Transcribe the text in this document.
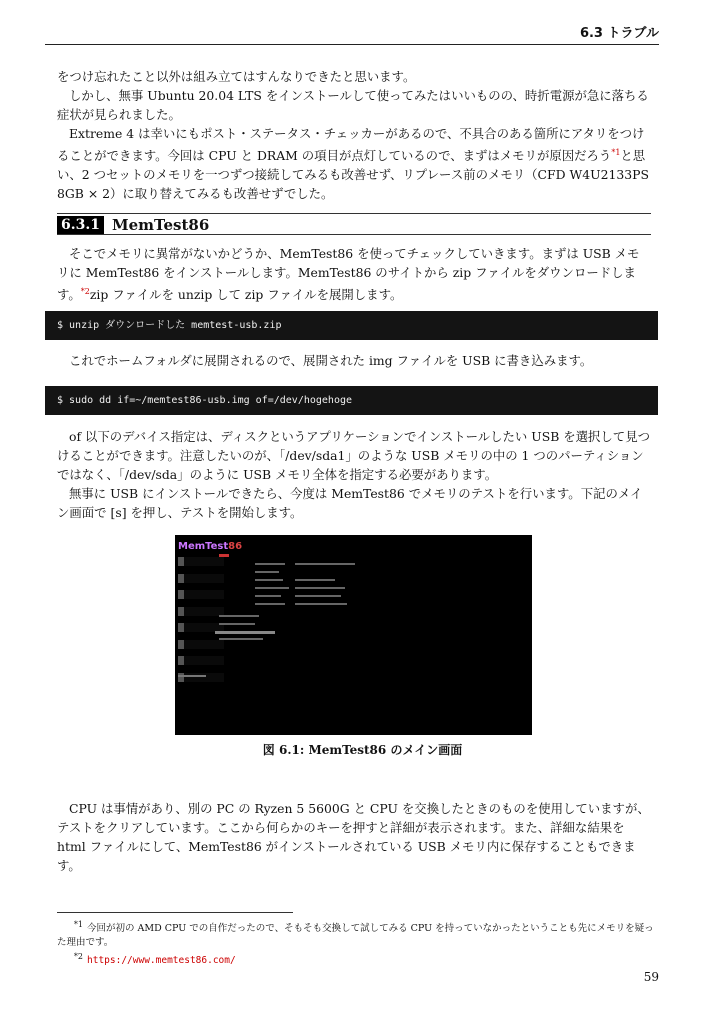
6.3 トラブル

をつけ忘れたこと以外は組み立てはすんなりできたと思います。
しかし、無事 Ubuntu 20.04 LTS をインストールして使ってみたはいいものの、時折電源が急に落ちる症状が見られました。
Extreme 4 は幸いにもポスト・ステータス・チェッカーがあるので、不具合のある箇所にアタリをつけることができます。今回は CPU と DRAM の項目が点灯しているので、まずはメモリが原因だろう$^{*1}$と思い、2 つセットのメモリを一つずつ接続してみるも改善せず、リプレース前のメモリ（CFD W4U2133PS 8GB × 2）に取り替えてみるも改善せずでした。

6.3.1 MemTest86

そこでメモリに異常がないかどうか、MemTest86 を使ってチェックしていきます。まずは USB メモリに MemTest86 をインストールします。MemTest86 のサイトから zip ファイルをダウンロードします。$^{*2}$zip ファイルを unzip して zip ファイルを展開します。

$ unzip ダウンロードした memtest-usb.zip

これでホームフォルダに展開されるので、展開された img ファイルを USB に書き込みます。

$ sudo dd if=~/memtest86-usb.img of=/dev/hogehoge

of 以下のデバイス指定は、ディスクというアプリケーションでインストールしたい USB を選択して見つけることができます。注意したいのが、「/dev/sda1」のような USB メモリの中の 1 つのパーティションではなく、「/dev/sda」のように USB メモリ全体を指定する必要があります。
無事に USB にインストールできたら、今度は MemTest86 でメモリのテストを行います。下記のメイン画面で [s] を押し、テストを開始します。

MemTest86
図 6.1: MemTest86 のメイン画面

CPU は事情があり、別の PC の Ryzen 5 5600G と CPU を交換したときのものを使用していますが、テストをクリアしています。ここから何らかのキーを押すと詳細が表示されます。また、詳細な結果を html ファイルにして、MemTest86 がインストールされている USB メモリ内に保存することもできます。

*1 今回が初の AMD CPU での自作だったので、そもそも交換して試してみる CPU を持っていなかったということも先にメモリを疑った理由です。
*2 https://www.memtest86.com/
59
